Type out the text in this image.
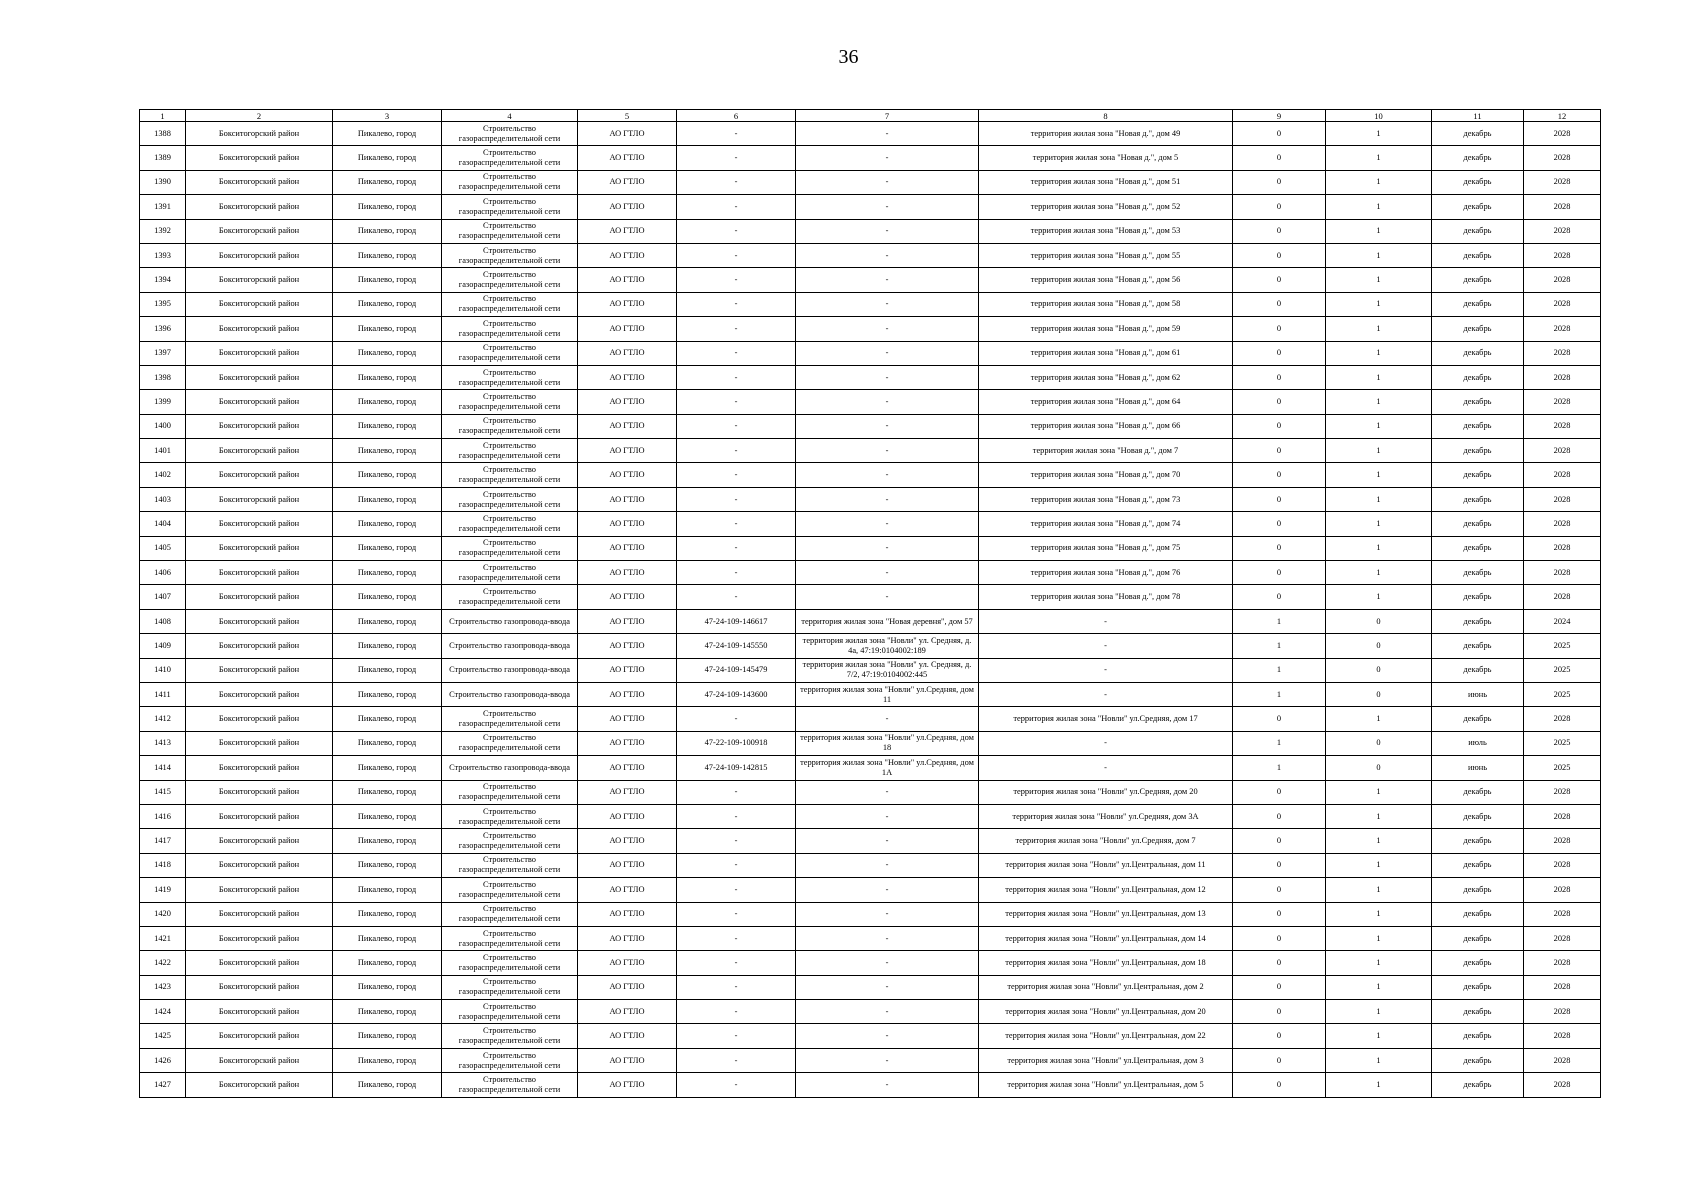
36
1	2	3	4	5	6	7	8	9	10	11	12
1388	Бокситогорский район	Пикалево, город	Строительство газораспределительной сети	АО ГТЛО	-	-	территория жилая зона "Новая д.", дом 49	0	1	декабрь	2028
1389	Бокситогорский район	Пикалево, город	Строительство газораспределительной сети	АО ГТЛО	-	-	территория жилая зона "Новая д.", дом 5	0	1	декабрь	2028
1390	Бокситогорский район	Пикалево, город	Строительство газораспределительной сети	АО ГТЛО	-	-	территория жилая зона "Новая д.", дом 51	0	1	декабрь	2028
1391	Бокситогорский район	Пикалево, город	Строительство газораспределительной сети	АО ГТЛО	-	-	территория жилая зона "Новая д.", дом 52	0	1	декабрь	2028
1392	Бокситогорский район	Пикалево, город	Строительство газораспределительной сети	АО ГТЛО	-	-	территория жилая зона "Новая д.", дом 53	0	1	декабрь	2028
1393	Бокситогорский район	Пикалево, город	Строительство газораспределительной сети	АО ГТЛО	-	-	территория жилая зона "Новая д.", дом 55	0	1	декабрь	2028
1394	Бокситогорский район	Пикалево, город	Строительство газораспределительной сети	АО ГТЛО	-	-	территория жилая зона "Новая д.", дом 56	0	1	декабрь	2028
1395	Бокситогорский район	Пикалево, город	Строительство газораспределительной сети	АО ГТЛО	-	-	территория жилая зона "Новая д.", дом 58	0	1	декабрь	2028
1396	Бокситогорский район	Пикалево, город	Строительство газораспределительной сети	АО ГТЛО	-	-	территория жилая зона "Новая д.", дом 59	0	1	декабрь	2028
1397	Бокситогорский район	Пикалево, город	Строительство газораспределительной сети	АО ГТЛО	-	-	территория жилая зона "Новая д.", дом 61	0	1	декабрь	2028
1398	Бокситогорский район	Пикалево, город	Строительство газораспределительной сети	АО ГТЛО	-	-	территория жилая зона "Новая д.", дом 62	0	1	декабрь	2028
1399	Бокситогорский район	Пикалево, город	Строительство газораспределительной сети	АО ГТЛО	-	-	территория жилая зона "Новая д.", дом 64	0	1	декабрь	2028
1400	Бокситогорский район	Пикалево, город	Строительство газораспределительной сети	АО ГТЛО	-	-	территория жилая зона "Новая д.", дом 66	0	1	декабрь	2028
1401	Бокситогорский район	Пикалево, город	Строительство газораспределительной сети	АО ГТЛО	-	-	территория жилая зона "Новая д.", дом 7	0	1	декабрь	2028
1402	Бокситогорский район	Пикалево, город	Строительство газораспределительной сети	АО ГТЛО	-	-	территория жилая зона "Новая д.", дом 70	0	1	декабрь	2028
1403	Бокситогорский район	Пикалево, город	Строительство газораспределительной сети	АО ГТЛО	-	-	территория жилая зона "Новая д.", дом 73	0	1	декабрь	2028
1404	Бокситогорский район	Пикалево, город	Строительство газораспределительной сети	АО ГТЛО	-	-	территория жилая зона "Новая д.", дом 74	0	1	декабрь	2028
1405	Бокситогорский район	Пикалево, город	Строительство газораспределительной сети	АО ГТЛО	-	-	территория жилая зона "Новая д.", дом 75	0	1	декабрь	2028
1406	Бокситогорский район	Пикалево, город	Строительство газораспределительной сети	АО ГТЛО	-	-	территория жилая зона "Новая д.", дом 76	0	1	декабрь	2028
1407	Бокситогорский район	Пикалево, город	Строительство газораспределительной сети	АО ГТЛО	-	-	территория жилая зона "Новая д.", дом 78	0	1	декабрь	2028
1408	Бокситогорский район	Пикалево, город	Строительство газопровода-ввода	АО ГТЛО	47-24-109-146617	территория жилая зона "Новая деревня", дом 57	-	1	0	декабрь	2024
1409	Бокситогорский район	Пикалево, город	Строительство газопровода-ввода	АО ГТЛО	47-24-109-145550	территория жилая зона "Новли" ул. Средняя, д. 4а, 47:19:0104002:189	-	1	0	декабрь	2025
1410	Бокситогорский район	Пикалево, город	Строительство газопровода-ввода	АО ГТЛО	47-24-109-145479	территория жилая зона "Новли" ул. Средняя, д. 7/2, 47:19:0104002:445	-	1	0	декабрь	2025
1411	Бокситогорский район	Пикалево, город	Строительство газопровода-ввода	АО ГТЛО	47-24-109-143600	территория жилая зона "Новли" ул.Средняя, дом 11	-	1	0	июнь	2025
1412	Бокситогорский район	Пикалево, город	Строительство газораспределительной сети	АО ГТЛО	-	-	территория жилая зона "Новли" ул.Средняя, дом 17	0	1	декабрь	2028
1413	Бокситогорский район	Пикалево, город	Строительство газораспределительной сети	АО ГТЛО	47-22-109-100918	территория жилая зона "Новли" ул.Средняя, дом 18	-	1	0	июль	2025
1414	Бокситогорский район	Пикалево, город	Строительство газопровода-ввода	АО ГТЛО	47-24-109-142815	территория жилая зона "Новли" ул.Средняя, дом 1А	-	1	0	июнь	2025
1415	Бокситогорский район	Пикалево, город	Строительство газораспределительной сети	АО ГТЛО	-	-	территория жилая зона "Новли" ул.Средняя, дом 20	0	1	декабрь	2028
1416	Бокситогорский район	Пикалево, город	Строительство газораспределительной сети	АО ГТЛО	-	-	территория жилая зона "Новли" ул.Средняя, дом 3А	0	1	декабрь	2028
1417	Бокситогорский район	Пикалево, город	Строительство газораспределительной сети	АО ГТЛО	-	-	территория жилая зона "Новли" ул.Средняя, дом 7	0	1	декабрь	2028
1418	Бокситогорский район	Пикалево, город	Строительство газораспределительной сети	АО ГТЛО	-	-	территория жилая зона "Новли" ул.Центральная, дом 11	0	1	декабрь	2028
1419	Бокситогорский район	Пикалево, город	Строительство газораспределительной сети	АО ГТЛО	-	-	территория жилая зона "Новли" ул.Центральная, дом 12	0	1	декабрь	2028
1420	Бокситогорский район	Пикалево, город	Строительство газораспределительной сети	АО ГТЛО	-	-	территория жилая зона "Новли" ул.Центральная, дом 13	0	1	декабрь	2028
1421	Бокситогорский район	Пикалево, город	Строительство газораспределительной сети	АО ГТЛО	-	-	территория жилая зона "Новли" ул.Центральная, дом 14	0	1	декабрь	2028
1422	Бокситогорский район	Пикалево, город	Строительство газораспределительной сети	АО ГТЛО	-	-	территория жилая зона "Новли" ул.Центральная, дом 18	0	1	декабрь	2028
1423	Бокситогорский район	Пикалево, город	Строительство газораспределительной сети	АО ГТЛО	-	-	территория жилая зона "Новли" ул.Центральная, дом 2	0	1	декабрь	2028
1424	Бокситогорский район	Пикалево, город	Строительство газораспределительной сети	АО ГТЛО	-	-	территория жилая зона "Новли" ул.Центральная, дом 20	0	1	декабрь	2028
1425	Бокситогорский район	Пикалево, город	Строительство газораспределительной сети	АО ГТЛО	-	-	территория жилая зона "Новли" ул.Центральная, дом 22	0	1	декабрь	2028
1426	Бокситогорский район	Пикалево, город	Строительство газораспределительной сети	АО ГТЛО	-	-	территория жилая зона "Новли" ул.Центральная, дом 3	0	1	декабрь	2028
1427	Бокситогорский район	Пикалево, город	Строительство газораспределительной сети	АО ГТЛО	-	-	территория жилая зона "Новли" ул.Центральная, дом 5	0	1	декабрь	2028
